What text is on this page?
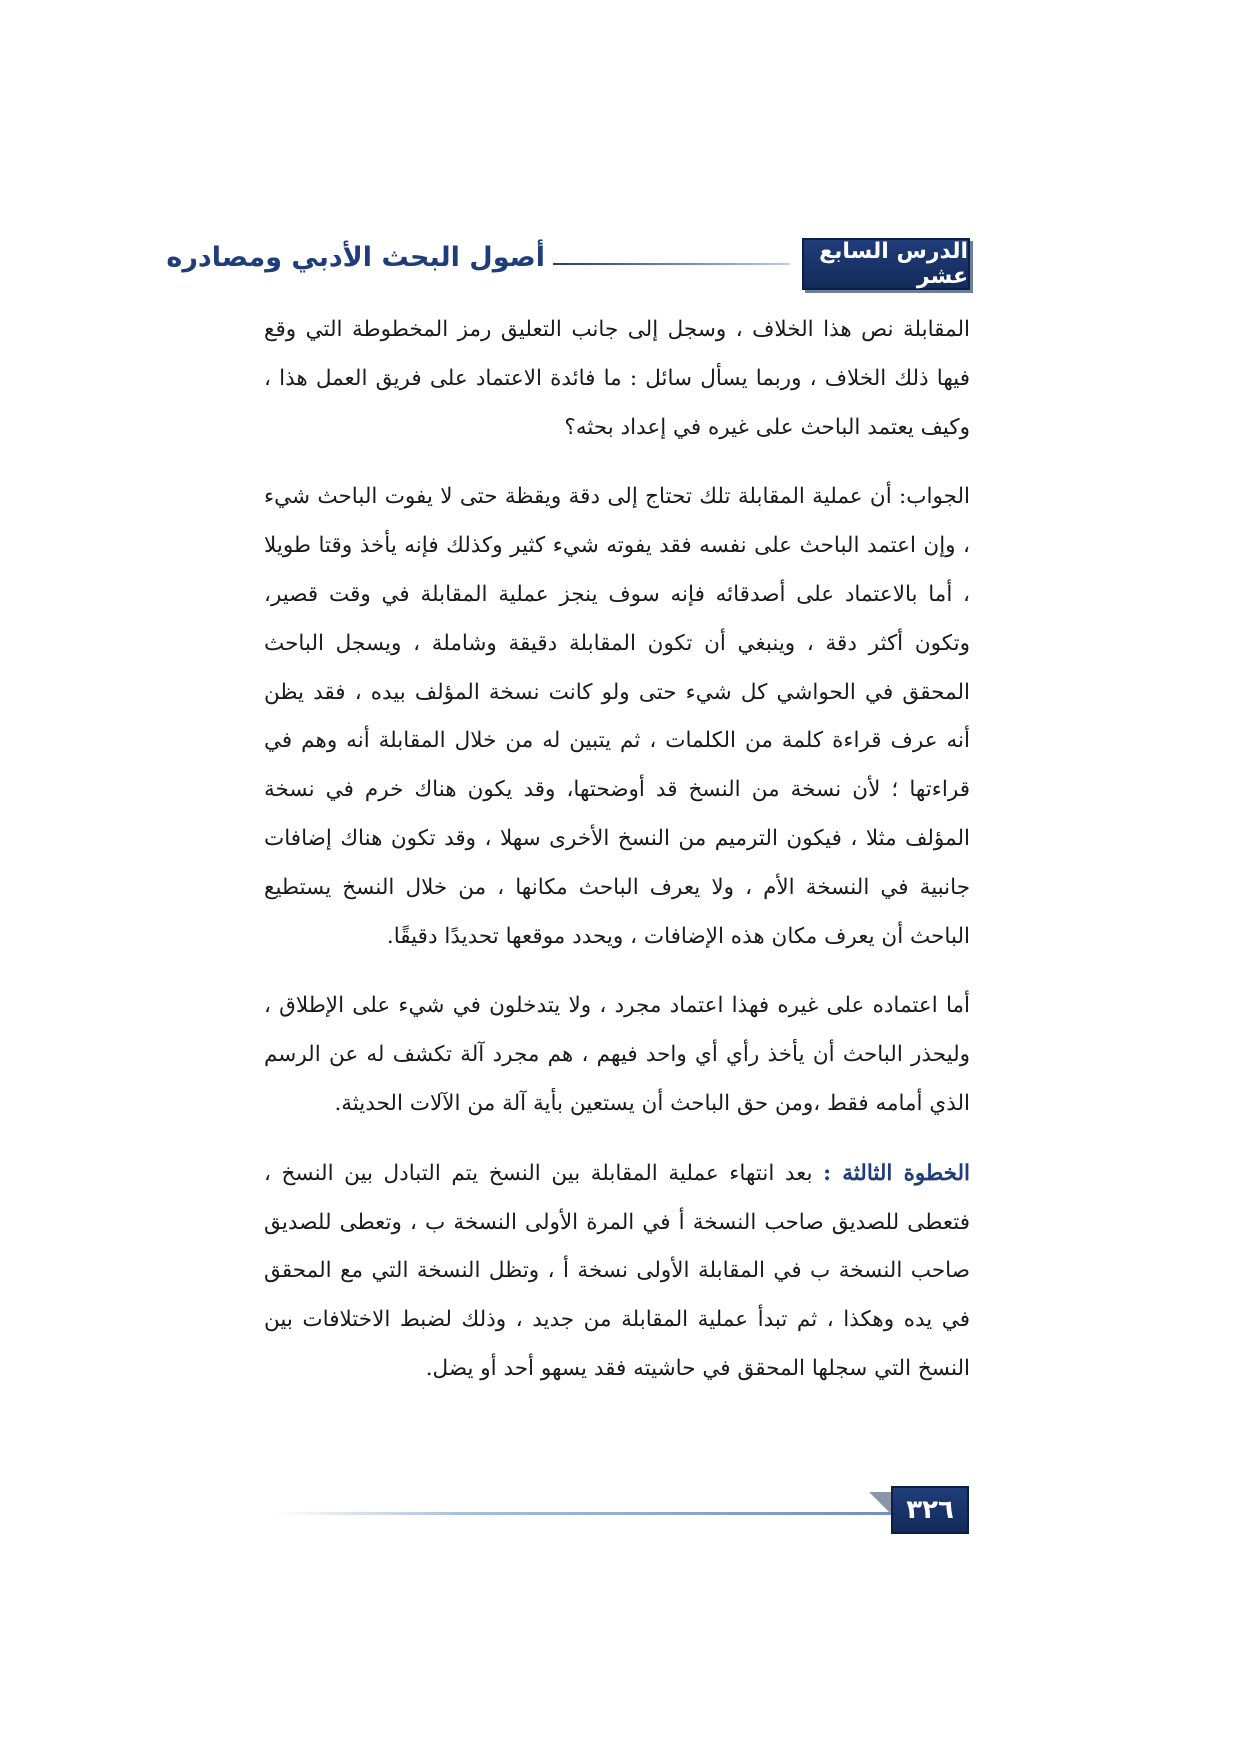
الدرس السابع عشر
أصول البحث الأدبي ومصادره

المقابلة نص هذا الخلاف ، وسجل إلى جانب التعليق رمز المخطوطة التي وقع فيها ذلك الخلاف ، وربما يسأل سائل : ما فائدة الاعتماد على فريق العمل هذا ، وكيف يعتمد الباحث على غيره في إعداد بحثه؟

الجواب: أن عملية المقابلة تلك تحتاج إلى دقة ويقظة حتى لا يفوت الباحث شيء ، وإن اعتمد الباحث على نفسه فقد يفوته شيء كثير وكذلك فإنه يأخذ وقتا طويلا ، أما بالاعتماد على أصدقائه فإنه سوف ينجز عملية المقابلة في وقت قصير، وتكون أكثر دقة ، وينبغي أن تكون المقابلة دقيقة وشاملة ، ويسجل الباحث المحقق في الحواشي كل شيء حتى ولو كانت نسخة المؤلف بيده ، فقد يظن أنه عرف قراءة كلمة من الكلمات ، ثم يتبين له من خلال المقابلة أنه وهم في قراءتها ؛ لأن نسخة من النسخ قد أوضحتها، وقد يكون هناك خرم في نسخة المؤلف مثلا ، فيكون الترميم من النسخ الأخرى سهلا ، وقد تكون هناك إضافات جانبية في النسخة الأم ، ولا يعرف الباحث مكانها ، من خلال النسخ يستطيع الباحث أن يعرف مكان هذه الإضافات ، ويحدد موقعها تحديدًا دقيقًا.

أما اعتماده على غيره فهذا اعتماد مجرد ، ولا يتدخلون في شيء على الإطلاق ، وليحذر الباحث أن يأخذ رأي أي واحد فيهم ، هم مجرد آلة تكشف له عن الرسم الذي أمامه فقط ،ومن حق الباحث أن يستعين بأية آلة من الآلات الحديثة.

الخطوة الثالثة : بعد انتهاء عملية المقابلة بين النسخ يتم التبادل بين النسخ ، فتعطى للصديق صاحب النسخة أ في المرة الأولى النسخة ب ، وتعطى للصديق صاحب النسخة ب في المقابلة الأولى نسخة أ ، وتظل النسخة التي مع المحقق في يده وهكذا ، ثم تبدأ عملية المقابلة من جديد ، وذلك لضبط الاختلافات بين النسخ التي سجلها المحقق في حاشيته فقد يسهو أحد أو يضل.

٣٢٦
